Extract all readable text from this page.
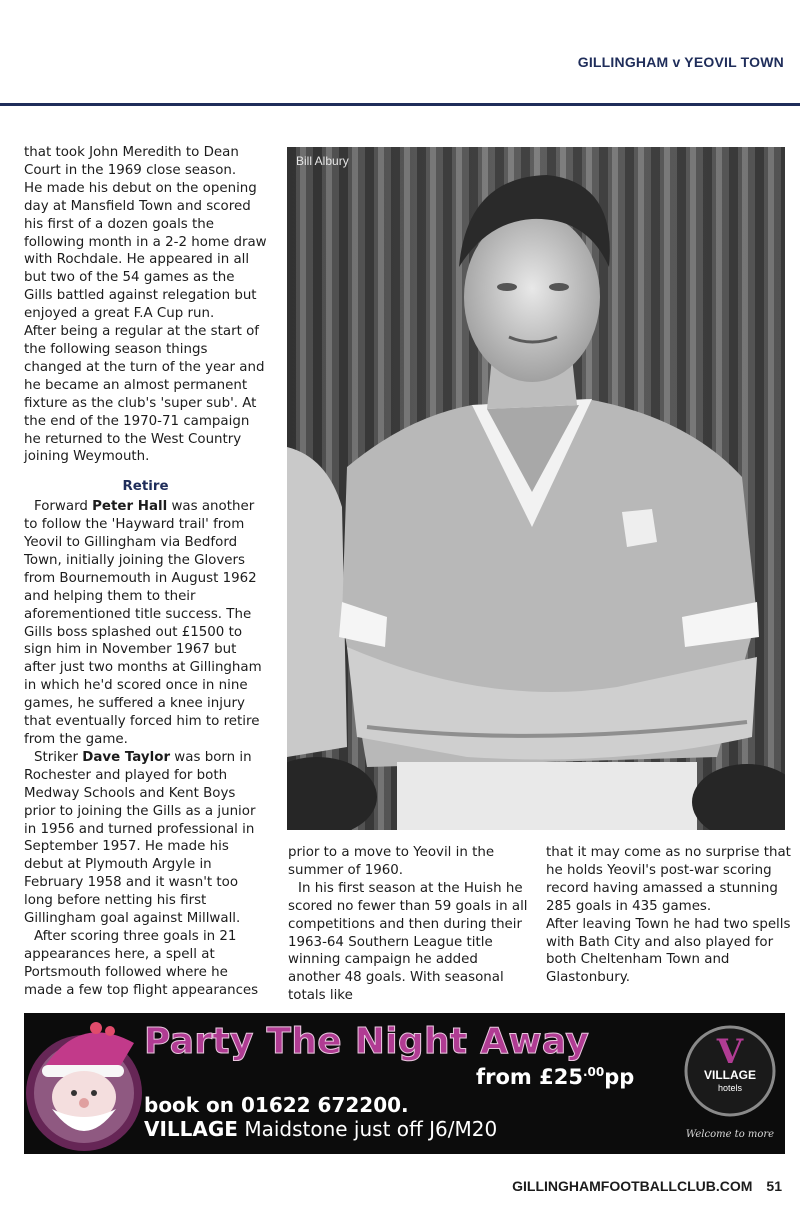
GILLINGHAM v YEOVIL TOWN

that took John Meredith to Dean Court in the 1969 close season.

He made his debut on the opening day at Mansfield Town and scored his first of a dozen goals the following month in a 2-2 home draw with Rochdale. He appeared in all but two of the 54 games as the Gills battled against relegation but enjoyed a great F.A Cup run.

After being a regular at the start of the following season things changed at the turn of the year and he became an almost permanent fixture as the club's 'super sub'. At the end of the 1970-71 campaign he returned to the West Country joining Weymouth.

Retire

Forward Peter Hall was another to follow the 'Hayward trail' from Yeovil to Gillingham via Bedford Town, initially joining the Glovers from Bournemouth in August 1962 and helping them to their aforementioned title success. The Gills boss splashed out £1500 to sign him in November 1967 but after just two months at Gillingham in which he'd scored once in nine games, he suffered a knee injury that eventually forced him to retire from the game.

Striker Dave Taylor was born in Rochester and played for both Medway Schools and Kent Boys prior to joining the Gills as a junior in 1956 and turned professional in September 1957. He made his debut at Plymouth Argyle in February 1958 and it wasn't too long before netting his first Gillingham goal against Millwall.

After scoring three goals in 21 appearances here, a spell at Portsmouth followed where he made a few top flight appearances

Bill Albury

prior to a move to Yeovil in the summer of 1960.

In his first season at the Huish he scored no fewer than 59 goals in all competitions and then during their 1963-64 Southern League title winning campaign he added another 48 goals. With seasonal totals like

that it may come as no surprise that he holds Yeovil's post-war scoring record having amassed a stunning 285 goals in 435 games.

After leaving Town he had two spells with Bath City and also played for both Cheltenham Town and Glastonbury.

Party The Night Away
from $£25^{.00}pp$
book on 01622 672200.
VILLAGE Maidstone just off J6/M20
V
VILLAGE
hotels
Welcome to more
GILLINGHAMFOOTBALLCLUB.COM 51
